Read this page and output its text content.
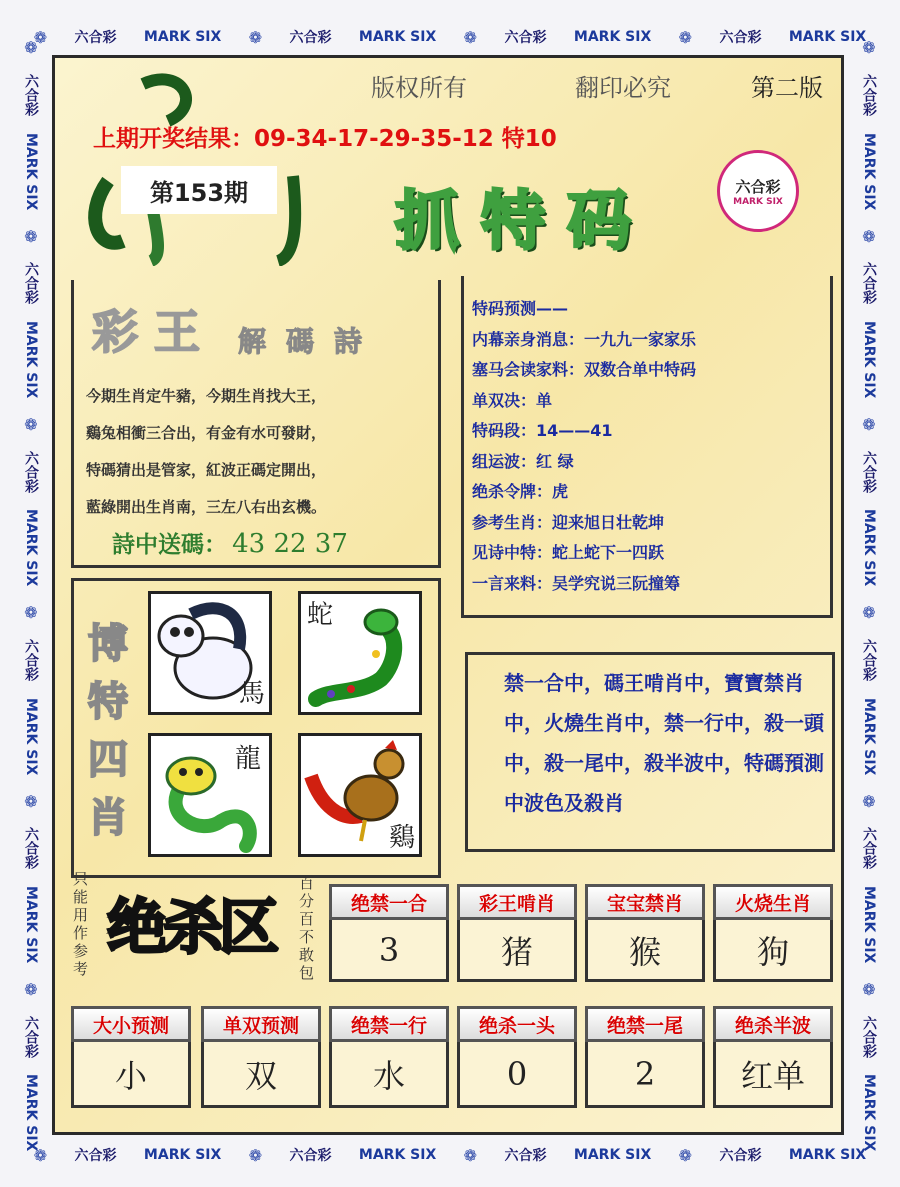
❁ 六合彩 MARK SIX ❁ 六合彩 MARK SIX ❁ 六合彩 MARK SIX ❁ 六合彩 MARK SIX
❁ 六合彩 MARK SIX ❁ 六合彩 MARK SIX ❁ 六合彩 MARK SIX ❁ 六合彩 MARK SIX
❁
六合彩
MARK SIX
❁
六合彩
MARK SIX
❁
六合彩
MARK SIX
❁
六合彩
MARK SIX
❁
六合彩
MARK SIX
❁
六合彩
MARK SIX
❁
六合彩
MARK SIX
❁
六合彩
MARK SIX
❁
六合彩
MARK SIX
❁
六合彩
MARK SIX
❁
六合彩
MARK SIX
❁
六合彩
MARK SIX
版权所有	翻印必究	第二版
上期开奖结果：09-34-17-29-35-12 特10
第153期	抓特码	六合彩
MARK SIX
彩王 解碼詩
今期生肖定牛豬，今期生肖找大王，
鷄兔相衝三合出，有金有水可發財，
特碼猜出是管家，紅波正碼定開出，
藍綠開出生肖南，三左八右出玄機。
詩中送碼： 43 22 37
特码预测——
内幕亲身消息：一九九一家家乐
塞马会读家料：双数合单中特码
单双决：单
特码段：14——41
组运波：红 绿
绝杀令牌：虎
参考生肖：迎来旭日壮乾坤
见诗中特：蛇上蛇下一四跃
一言来料：吴学究说三阮撞筹
博特四肖
馬
蛇
龍
鷄
禁一合中，碼王啃肖中，寶寶禁肖中，火燒生肖中，禁一行中，殺一頭中，殺一尾中，殺半波中，特碼預測中波色及殺肖
只能用作参考
绝杀区
百分百不敢包
绝禁一合
3
彩王啃肖
猪
宝宝禁肖
猴
火烧生肖
狗
大小预测
小
单双预测
双
绝禁一行
水
绝杀一头
0
绝禁一尾
2
绝杀半波
红单
